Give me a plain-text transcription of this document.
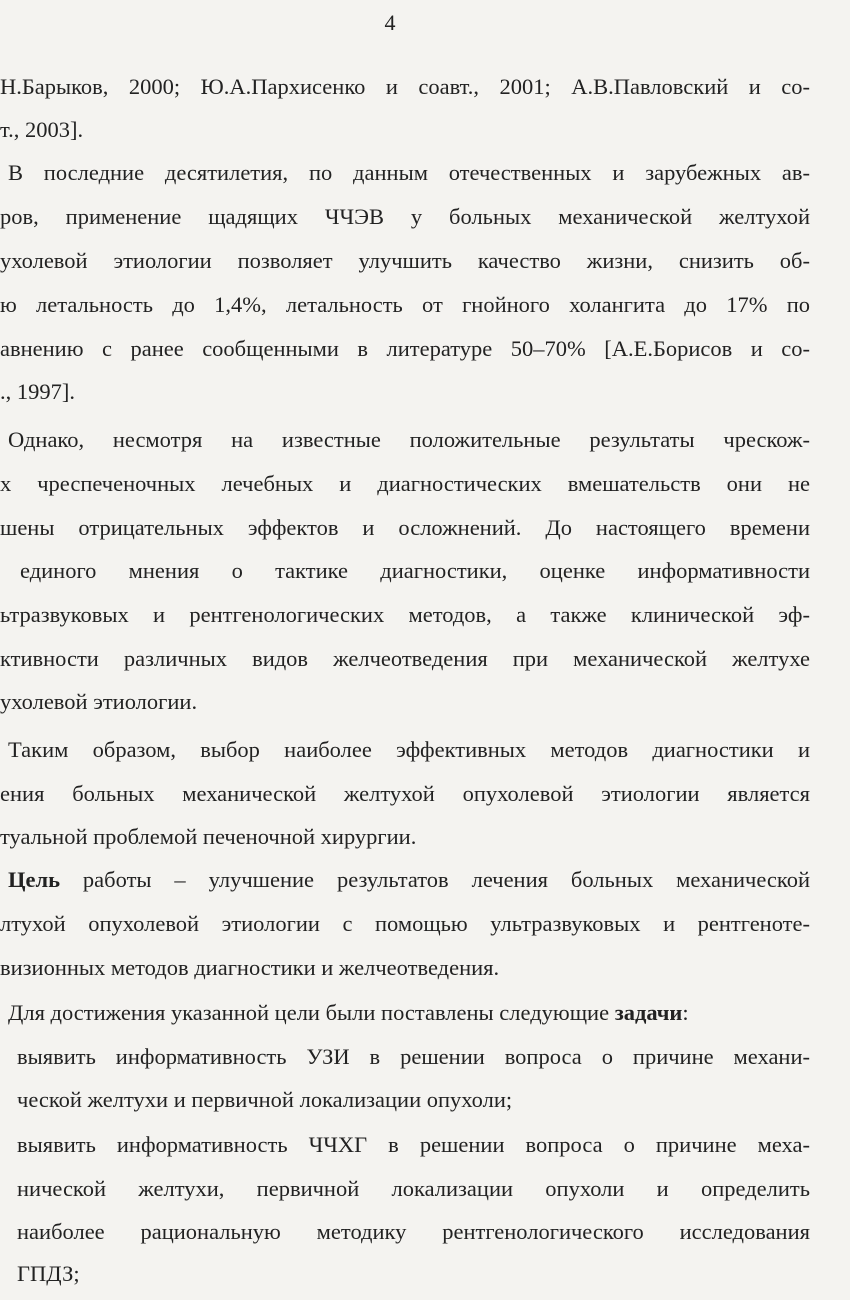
4
Н.Барыков, 2000; Ю.А.Пархисенко и соавт., 2001; А.В.Павловский и со-
т., 2003].
В последние десятилетия, по данным отечественных и зарубежных ав-
ров, применение щадящих ЧЧЭВ у больных механической желтухой
ухолевой этиологии позволяет улучшить качество жизни, снизить об-
ю летальность до 1,4%, летальность от гнойного холангита до 17% по
авнению с ранее сообщенными в литературе 50–70% [А.Е.Борисов и со-
., 1997].
Однако, несмотря на известные положительные результаты чрескож-
х чреспеченочных лечебных и диагностических вмешательств они не
шены отрицательных эффектов и осложнений. До настоящего времени
единого мнения о тактике диагностики, оценке информативности
ьтразвуковых и рентгенологических методов, а также клинической эф-
ктивности различных видов желчеотведения при механической желтухе
ухолевой этиологии.
Таким образом, выбор наиболее эффективных методов диагностики и
ения больных механической желтухой опухолевой этиологии является
туальной проблемой печеночной хирургии.
Цель работы – улучшение результатов лечения больных механической
лтухой опухолевой этиологии с помощью ультразвуковых и рентгеноте-
визионных методов диагностики и желчеотведения.
Для достижения указанной цели были поставлены следующие задачи:
выявить информативность УЗИ в решении вопроса о причине механи-
ческой желтухи и первичной локализации опухоли;
выявить информативность ЧЧХГ в решении вопроса о причине меха-
нической желтухи, первичной локализации опухоли и определить
наиболее рациональную методику рентгенологического исследования
ГПДЗ;
